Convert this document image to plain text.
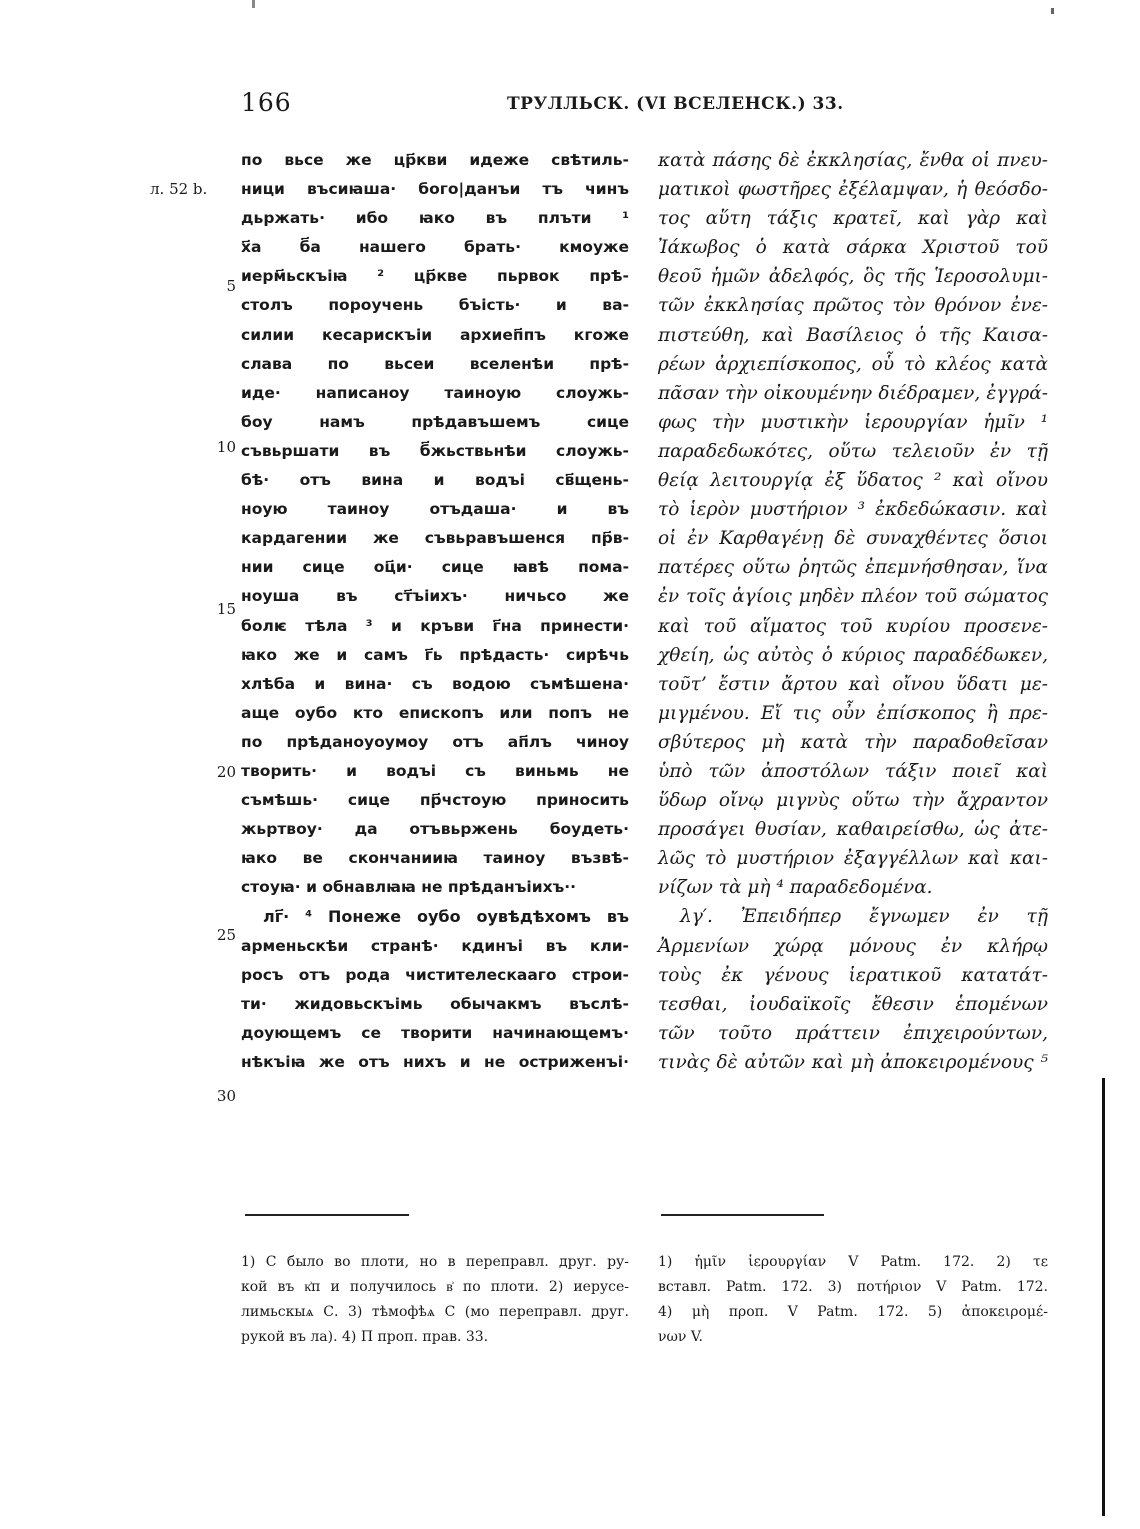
166	ТРУЛЛЬСК. (VI ВСЕЛЕНСК.) 33.
л. 52 b.
5
10
15
20
25
30
по вьсе же цр҃кви идеже свѣтиль-
ници въсиꙗша· бого|данъи тъ чинъ
дьржать· ибо ꙗко въ плъти ¹
х҃а б҃а нашего брать· кмоуже
иерм҃ьскъіꙗ ² цр҃кве пьрвок прѣ-
столъ пороучень бъість· и ва-
силии кесарискъіи архиеп҃пъ кгоже
слава по вьсеи вселенѣи прѣ-
иде· написаноу таиноую слоужь-
боу намъ прѣдавъшемъ сице
съвьршати въ б҃жьствьнѣи слоужь-
бѣ· отъ вина и водъі св҃щень-
ноую таиноу отъдаша· и въ
кардагении же съвьравъшенся пр҃в-
нии сице оц҃и· сице ꙗвѣ пома-
ноуша въ ст҃ъіихъ· ничьсо же
болѥ тѣла ³ и кръви г҃на принести·
ꙗко же и самъ г҃ь прѣдасть· сирѣчь
хлѣба и вина· съ водою съмѣшена·
аще оубо кто епископъ или попъ не
по прѣданоуоумоу отъ ап҃лъ чиноу
творить· и водъі съ виньмь не
съмѣшь· сице пр҃чстоую приносить
жьртвоу· да отъвьржень боудеть·
ꙗко ве скончанииꙗ таиноу възвѣ-
стоуꙗ· и обнавлꙗꙗ не прѣданъіихъ··
лг҃· ⁴ Понеже оубо оувѣдѣхомъ въ
арменьскѣи странѣ· кдинъі въ кли-
росъ отъ рода чистителескааго строи-
ти· жидовьскъімь обычакмъ въслѣ-
доующемъ се творити начинающемъ·
нѣкъіꙗ же отъ нихъ и не остриженъі·
κατὰ πάσης δὲ ἐκκλησίας, ἔνθα οἱ πνευ-
ματικοὶ φωστῆρες ἐξέλαμψαν, ἡ θεόσδο-
τος αὕτη τάξις κρατεῖ, καὶ γὰρ καὶ
Ἰάκωβος ὁ κατὰ σάρκα Χριστοῦ τοῦ
θεοῦ ἡμῶν ἀδελφός, ὃς τῆς Ἱεροσολυμι-
τῶν ἐκκλησίας πρῶτος τὸν θρόνον ἐνε-
πιστεύθη, καὶ Βασίλειος ὁ τῆς Καισα-
ρέων ἀρχιεπίσκοπος, οὗ τὸ κλέος κατὰ
πᾶσαν τὴν οἰκουμένην διέδραμεν, ἐγγρά-
φως τὴν μυστικὴν ἱερουργίαν ἡμῖν ¹
παραδεδωκότες, οὕτω τελειοῦν ἐν τῇ
θείᾳ λειτουργίᾳ ἐξ ὕδατος ² καὶ οἴνου
τὸ ἱερὸν μυστήριον ³ ἐκδεδώκασιν. καὶ
οἱ ἐν Καρθαγένῃ δὲ συναχθέντες ὅσιοι
πατέρες οὕτω ῥητῶς ἐπεμνήσθησαν, ἵνα
ἐν τοῖς ἁγίοις μηδὲν πλέον τοῦ σώματος
καὶ τοῦ αἵματος τοῦ κυρίου προσενε-
χθείη, ὡς αὐτὸς ὁ κύριος παραδέδωκεν,
τοῦτ’ ἔστιν ἄρτου καὶ οἴνου ὕδατι με-
μιγμένου. Εἴ τις οὖν ἐπίσκοπος ἢ πρε-
σβύτερος μὴ κατὰ τὴν παραδοθεῖσαν
ὑπὸ τῶν ἀποστόλων τάξιν ποιεῖ καὶ
ὕδωρ οἴνῳ μιγνὺς οὕτω τὴν ἄχραντον
προσάγει θυσίαν, καθαιρείσθω, ὡς ἀτε-
λῶς τὸ μυστήριον ἐξαγγέλλων καὶ και-
νίζων τὰ μὴ ⁴ παραδεδομένα.
λγ′. Ἐπειδήπερ ἔγνωμεν ἐν τῇ
Ἀρμενίων χώρᾳ μόνους ἐν κλήρῳ
τοὺς ἐκ γένους ἱερατικοῦ κατατάτ-
τεσθαι, ἰουδαϊκοῖς ἔθεσιν ἑπομένων
τῶν τοῦτο πράττειν ἐπιχειρούντων,
τινὰς δὲ αὐτῶν καὶ μὴ ἀποκειρομένους ⁵
1) С было во плоти, но в перепрaвл. друг. ру-
кой въ к͗п и получилось в͗ по плоти. 2) иерусе-
лимьскыѧ С. 3) тѣмофѣѧ С (мо перепрaвл. друг.
рукой въ ла). 4) П проп. прав. 33.
1) ἡμῖν ἱερουργίαν V Patm. 172. 2) τε
вставл. Patm. 172. 3) ποτήριον V Patm. 172.
4) μὴ προπ. V Patm. 172. 5) ἀποκειρομέ-
νων V.
